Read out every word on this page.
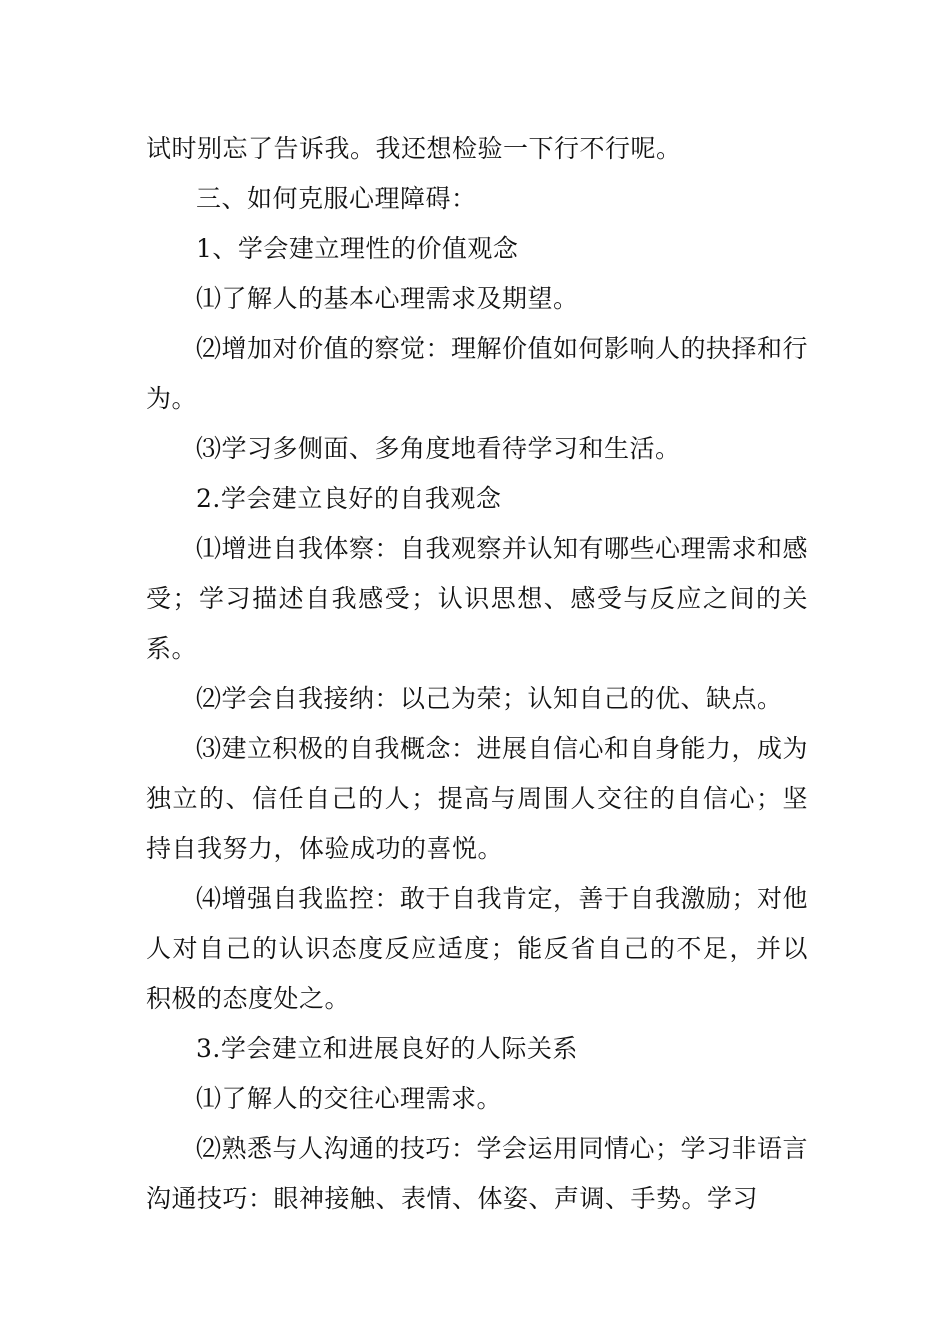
试时别忘了告诉我。我还想检验一下行不行呢。

三、如何克服心理障碍：

1、学会建立理性的价值观念

⑴了解人的基本心理需求及期望。

⑵增加对价值的察觉：理解价值如何影响人的抉择和行为。

⑶学习多侧面、多角度地看待学习和生活。

2.学会建立良好的自我观念

⑴增进自我体察：自我观察并认知有哪些心理需求和感受；学习描述自我感受；认识思想、感受与反应之间的关系。

⑵学会自我接纳：以己为荣；认知自己的优、缺点。

⑶建立积极的自我概念：进展自信心和自身能力，成为独立的、信任自己的人；提高与周围人交往的自信心；坚持自我努力，体验成功的喜悦。

⑷增强自我监控：敢于自我肯定，善于自我激励；对他人对自己的认识态度反应适度；能反省自己的不足，并以积极的态度处之。

3.学会建立和进展良好的人际关系

⑴了解人的交往心理需求。

⑵熟悉与人沟通的技巧：学会运用同情心；学习非语言沟通技巧：眼神接触、表情、体姿、声调、手势。学习
